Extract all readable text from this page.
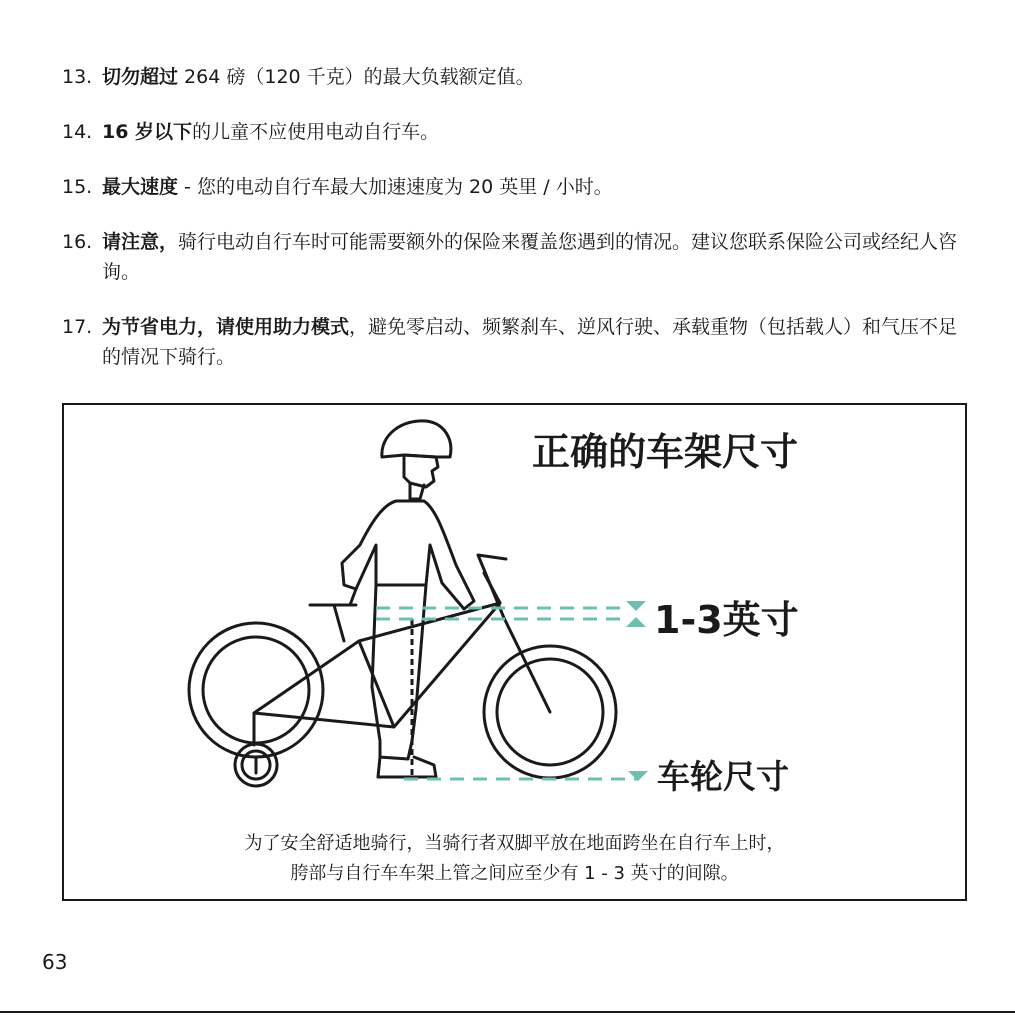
13. 切勿超过 264 磅（120 千克）的最大负载额定值。
14. 16 岁以下的儿童不应使用电动自行车。
15. 最大速度 - 您的电动自行车最大加速速度为 20 英里 / 小时。
16. 请注意，骑行电动自行车时可能需要额外的保险来覆盖您遇到的情况。建议您联系保险公司或经纪人咨询。
17. 为节省电力，请使用助力模式，避免零启动、频繁刹车、逆风行驶、承载重物（包括载人）和气压不足的情况下骑行。
正确的车架尺寸
1-3英寸
车轮尺寸
为了安全舒适地骑行，当骑行者双脚平放在地面跨坐在自行车上时，
胯部与自行车车架上管之间应至少有 1 - 3 英寸的间隙。
63
